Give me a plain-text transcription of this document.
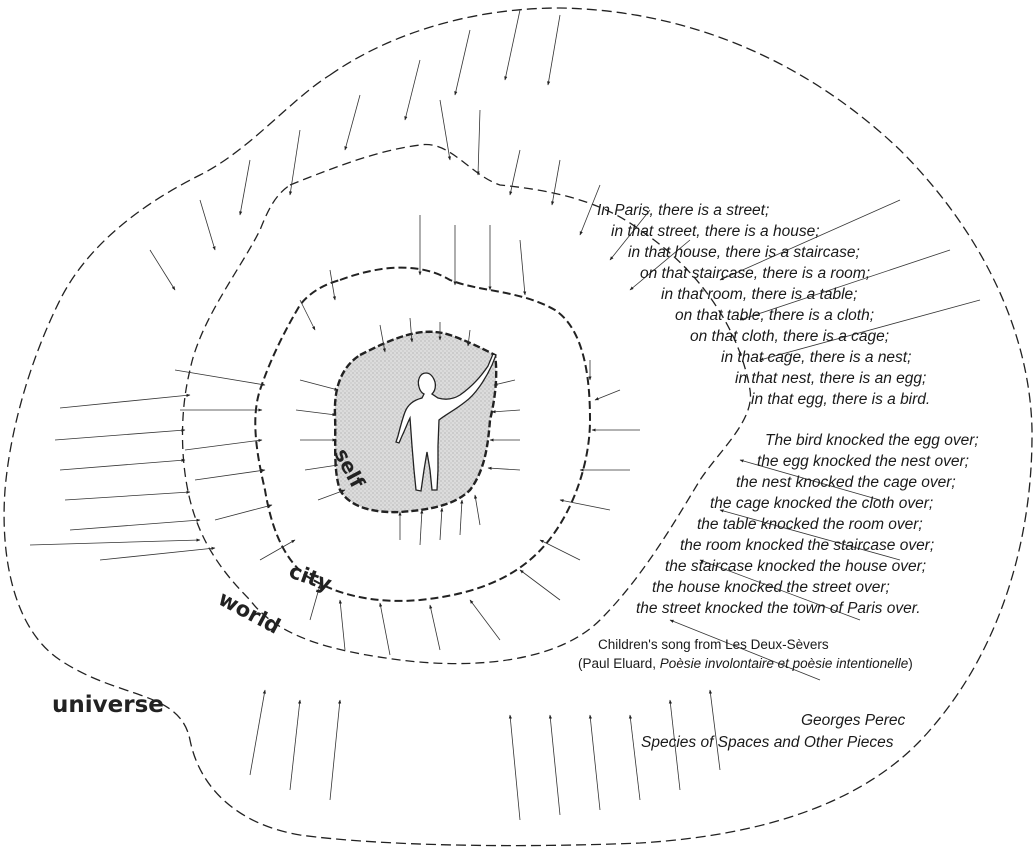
self
city
world
universe
In Paris, there is a street;
in that street, there is a house;
in that house, there is a staircase;
on that staircase, there is a room;
in that room, there is a table;
on that table, there is a cloth;
on that cloth, there is a cage;
in that cage, there is a nest;
in that nest, there is an egg;
in that egg, there is a bird.
The bird knocked the egg over;
the egg knocked the nest over;
the nest knocked the cage over;
the cage knocked the cloth over;
the table knocked the room over;
the room knocked the staircase over;
the staircase knocked the house over;
the house knocked the street over;
the street knocked the town of Paris over.
Children's song from Les Deux-Sèvers
(Paul Eluard, Poèsie involontaire et poèsie intentionelle)
Georges Perec
Species of Spaces and Other Pieces
